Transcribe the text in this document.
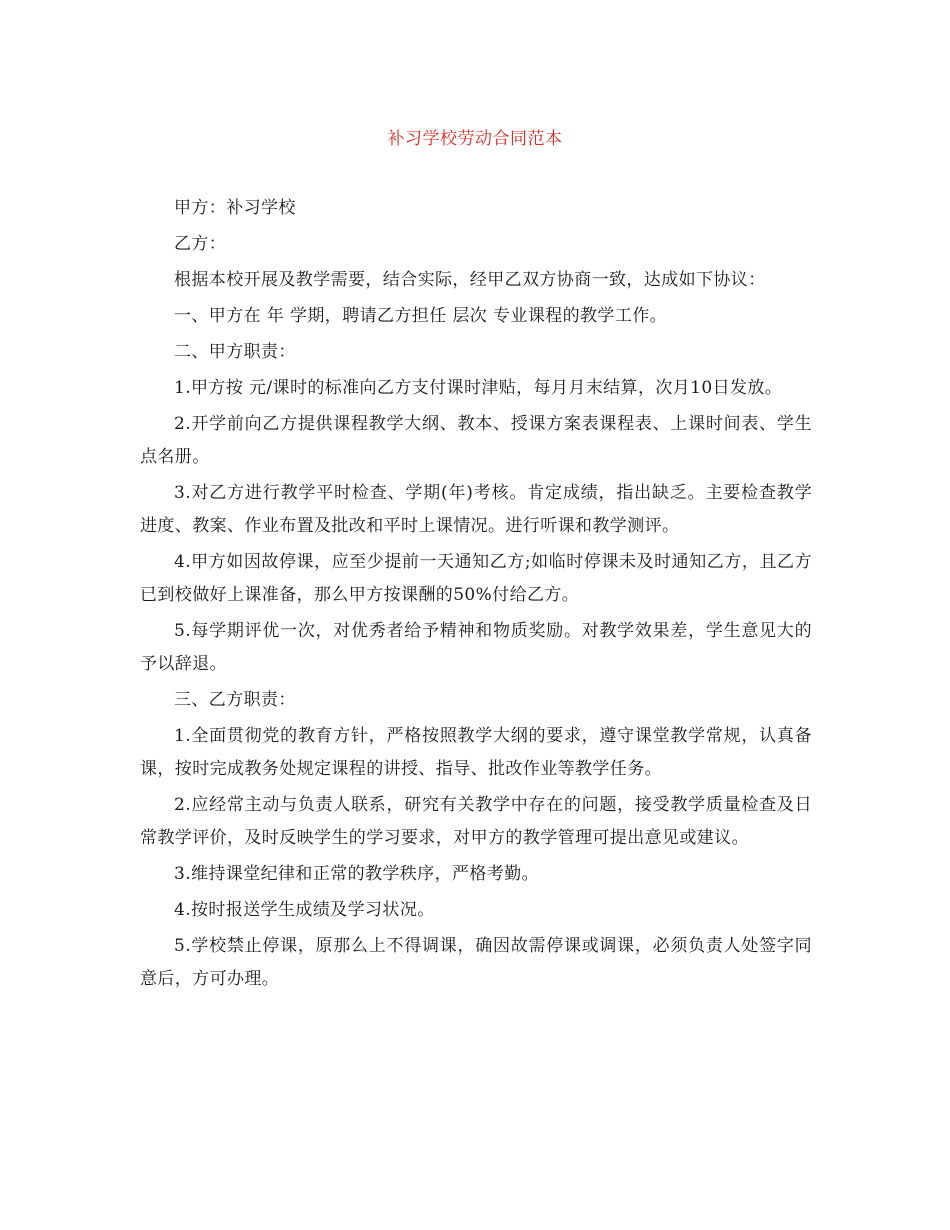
补习学校劳动合同范本

甲方：补习学校

乙方：

根据本校开展及教学需要，结合实际，经甲乙双方协商一致，达成如下协议：

一、甲方在 年 学期，聘请乙方担任 层次 专业课程的教学工作。

二、甲方职责：

1.甲方按 元/课时的标准向乙方支付课时津贴，每月月末结算，次月10日发放。

2.开学前向乙方提供课程教学大纲、教本、授课方案表课程表、上课时间表、学生点名册。

3.对乙方进行教学平时检查、学期(年)考核。肯定成绩，指出缺乏。主要检查教学进度、教案、作业布置及批改和平时上课情况。进行听课和教学测评。

4.甲方如因故停课，应至少提前一天通知乙方;如临时停课未及时通知乙方，且乙方已到校做好上课准备，那么甲方按课酬的50%付给乙方。

5.每学期评优一次，对优秀者给予精神和物质奖励。对教学效果差，学生意见大的予以辞退。

三、乙方职责：

1.全面贯彻党的教育方针，严格按照教学大纲的要求，遵守课堂教学常规，认真备课，按时完成教务处规定课程的讲授、指导、批改作业等教学任务。

2.应经常主动与负责人联系，研究有关教学中存在的问题，接受教学质量检查及日常教学评价，及时反映学生的学习要求，对甲方的教学管理可提出意见或建议。

3.维持课堂纪律和正常的教学秩序，严格考勤。

4.按时报送学生成绩及学习状况。

5.学校禁止停课，原那么上不得调课，确因故需停课或调课，必须负责人处签字同意后，方可办理。
